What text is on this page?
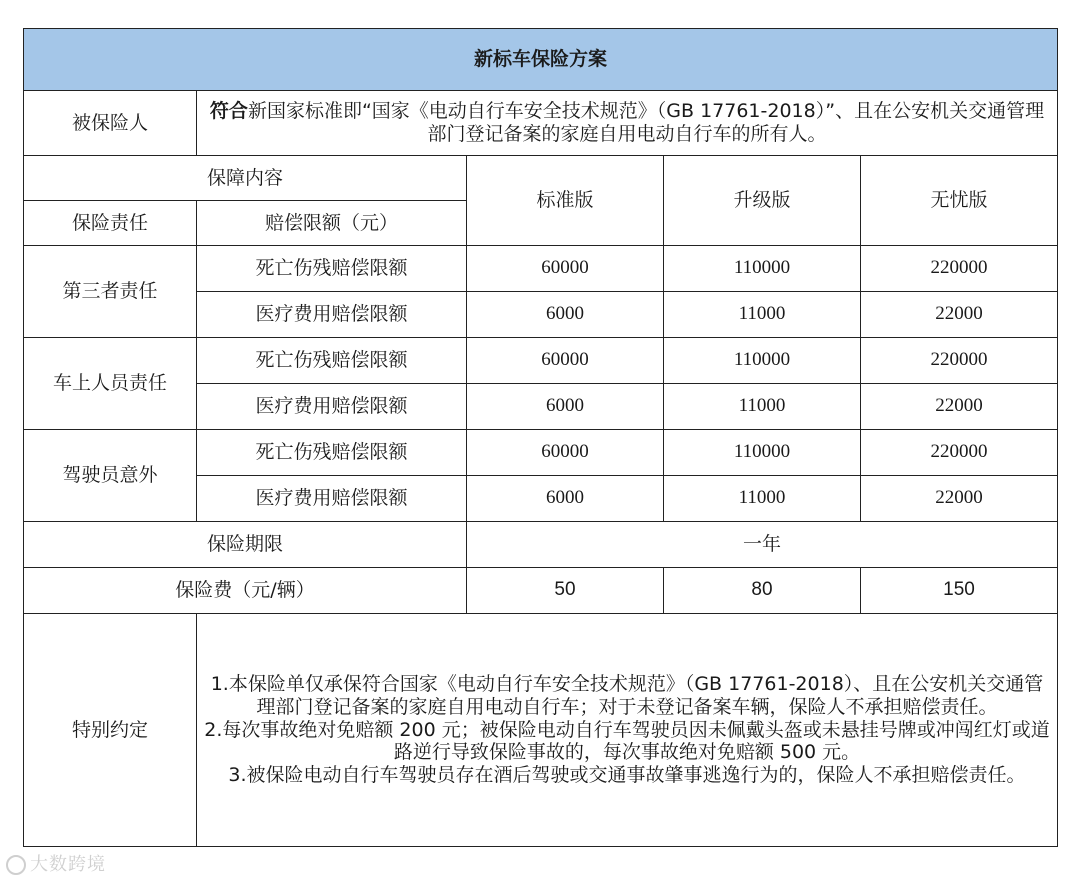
新标车保险方案				
被保险人	符合新国家标准即“国家《电动自行车安全技术规范》（GB 17761-2018）”、且在公安机关交通管理部门登记备案的家庭自用电动自行车的所有人。			
保障内容		标准版	升级版	无忧版
保险责任	赔偿限额（元）			
第三者责任	死亡伤残赔偿限额	60000	110000	220000
	医疗费用赔偿限额	6000	11000	22000
车上人员责任	死亡伤残赔偿限额	60000	110000	220000
	医疗费用赔偿限额	6000	11000	22000
驾驶员意外	死亡伤残赔偿限额	60000	110000	220000
	医疗费用赔偿限额	6000	11000	22000
保险期限		一年		
保险费（元/辆）		50	80	150
特别约定	1.本保险单仅承保符合国家《电动自行车安全技术规范》（GB 17761-2018）、且在公安机关交通管理部门登记备案的家庭自用电动自行车；对于未登记备案车辆，保险人不承担赔偿责任。
2.每次事故绝对免赔额 200 元；被保险电动自行车驾驶员因未佩戴头盔或未悬挂号牌或冲闯红灯或道路逆行导致保险事故的，每次事故绝对免赔额 500 元。
3.被保险电动自行车驾驶员存在酒后驾驶或交通事故肇事逃逸行为的，保险人不承担赔偿责任。			
大数跨境
